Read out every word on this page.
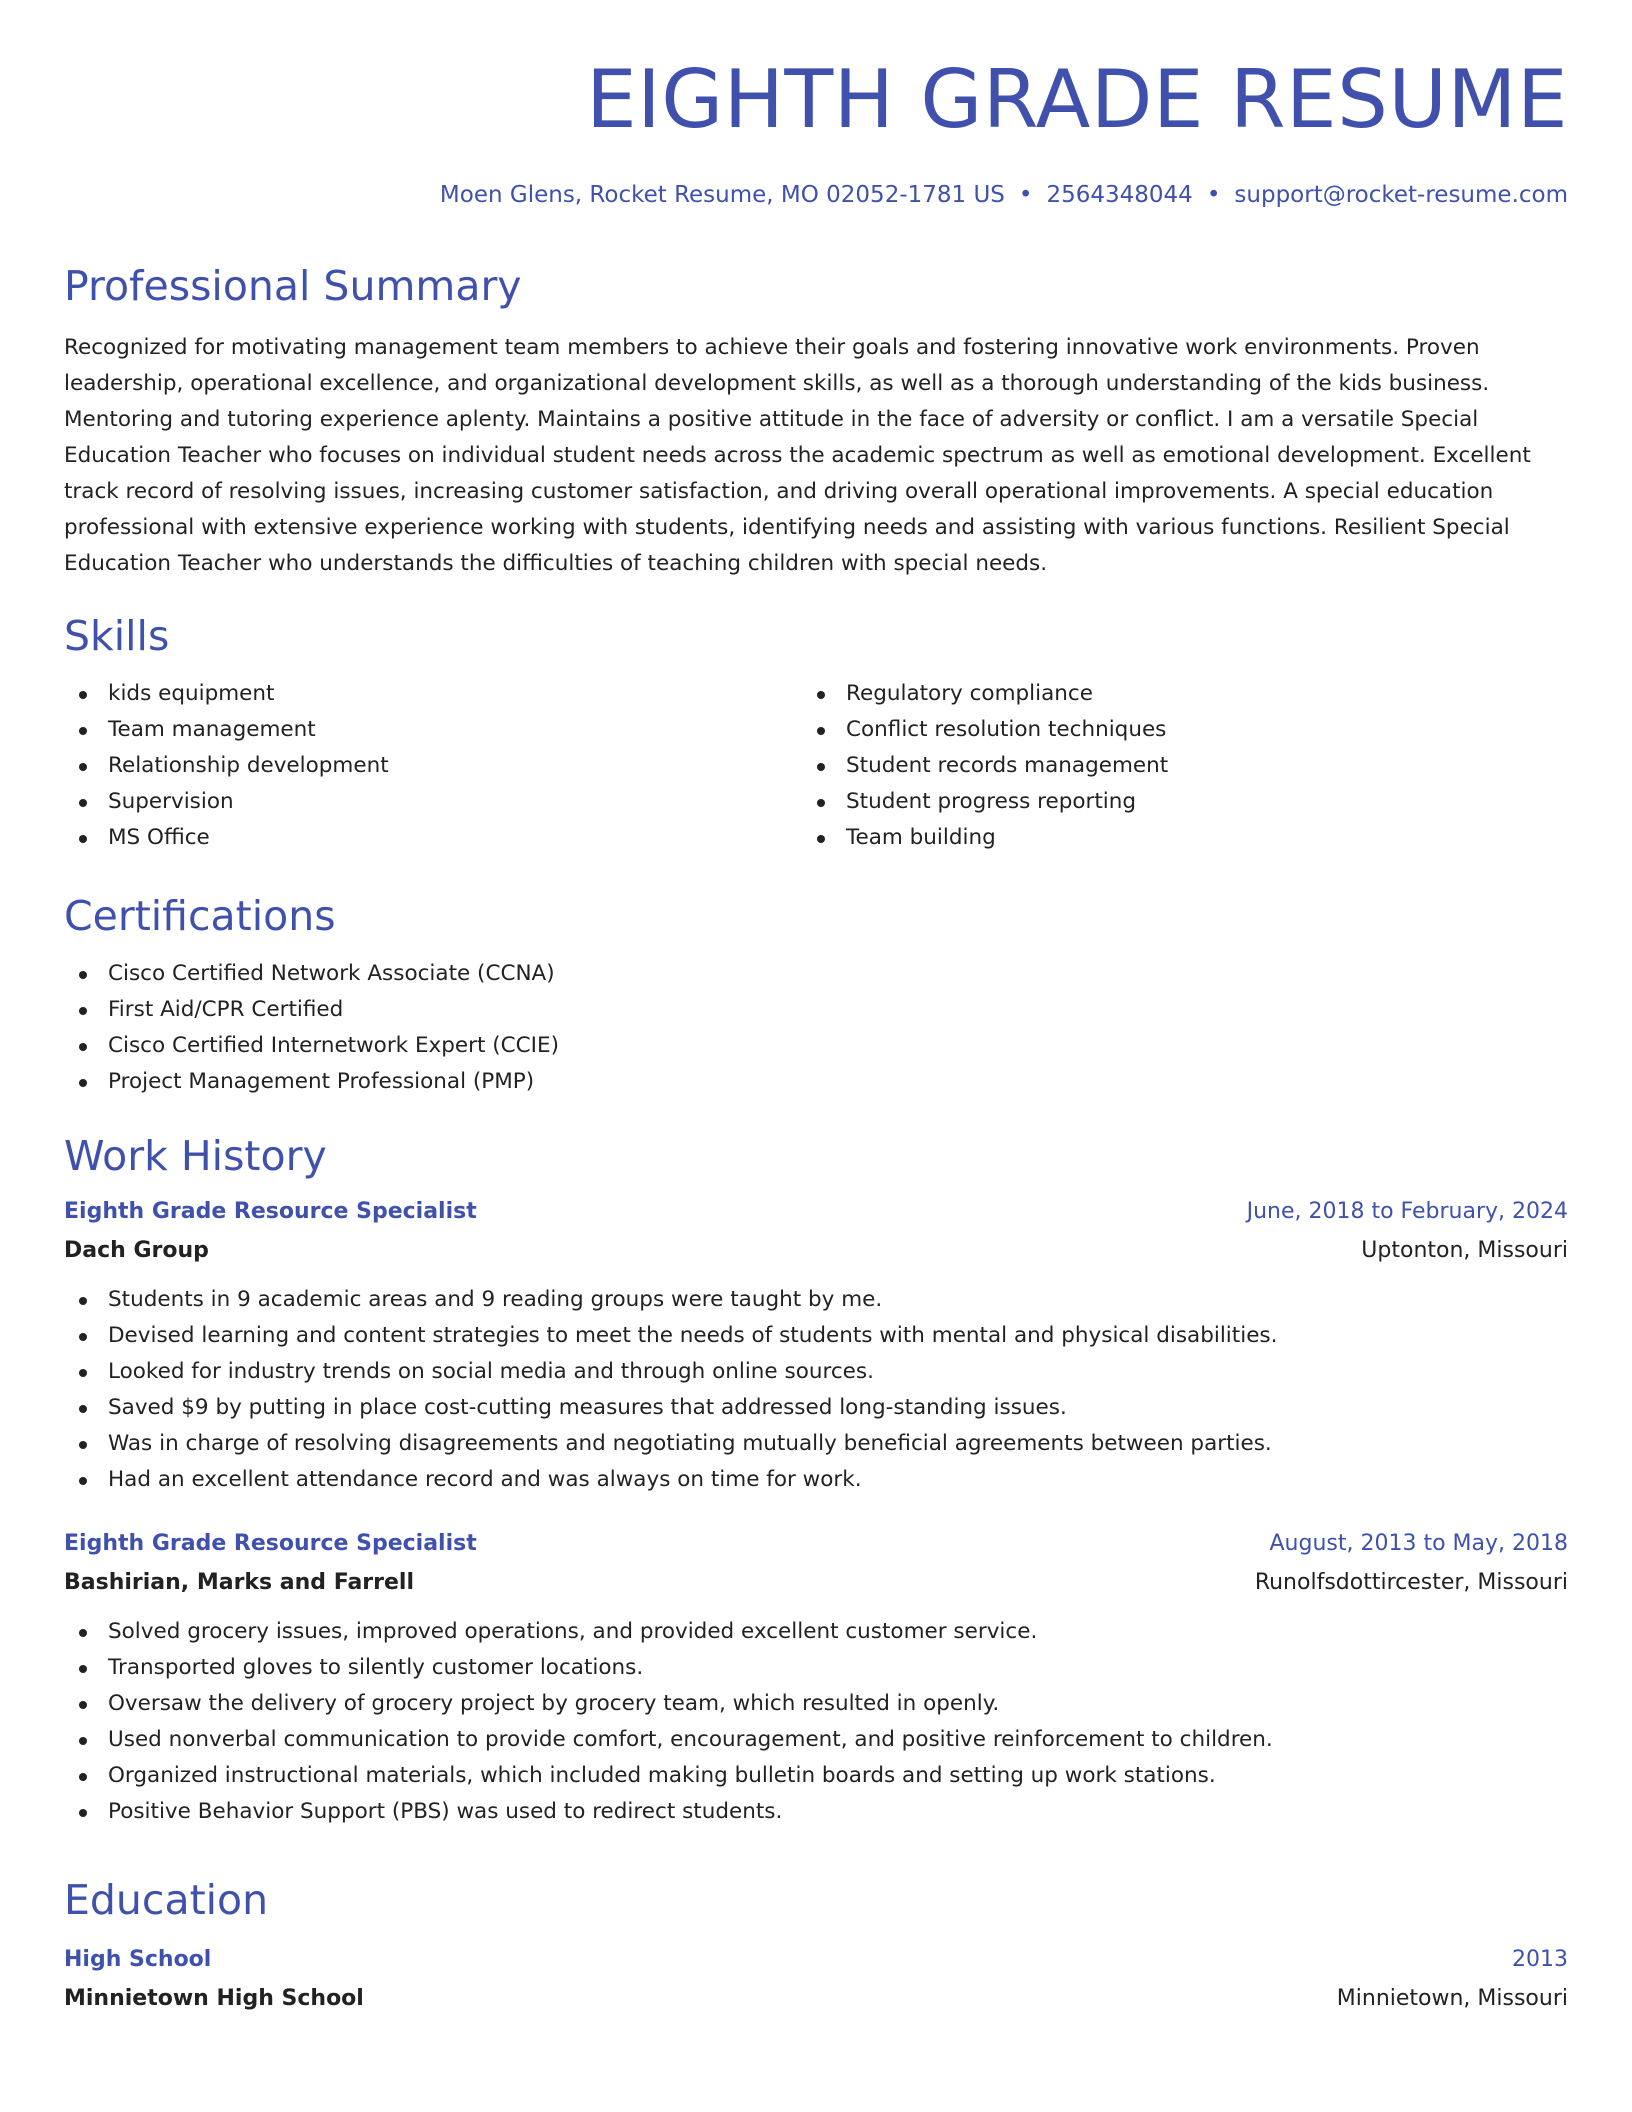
EIGHTH GRADE RESUME
Moen Glens, Rocket Resume, MO 02052-1781 US • 2564348044 • support@rocket-resume.com
Professional Summary

Recognized for motivating management team members to achieve their goals and fostering innovative work environments. Proven leadership, operational excellence, and organizational development skills, as well as a thorough understanding of the kids business. Mentoring and tutoring experience aplenty. Maintains a positive attitude in the face of adversity or conflict. I am a versatile Special Education Teacher who focuses on individual student needs across the academic spectrum as well as emotional development. Excellent track record of resolving issues, increasing customer satisfaction, and driving overall operational improvements. A special education professional with extensive experience working with students, identifying needs and assisting with various functions. Resilient Special Education Teacher who understands the difficulties of teaching children with special needs.

Skills
kids equipment
Team management
Relationship development
Supervision
MS Office
Regulatory compliance
Conflict resolution techniques
Student records management
Student progress reporting
Team building
Certifications
Cisco Certified Network Associate (CCNA)
First Aid/CPR Certified
Cisco Certified Internetwork Expert (CCIE)
Project Management Professional (PMP)
Work History
Eighth Grade Resource Specialist	June, 2018 to February, 2024
Dach Group	Uptonton, Missouri
Students in 9 academic areas and 9 reading groups were taught by me.
Devised learning and content strategies to meet the needs of students with mental and physical disabilities.
Looked for industry trends on social media and through online sources.
Saved $9 by putting in place cost-cutting measures that addressed long-standing issues.
Was in charge of resolving disagreements and negotiating mutually beneficial agreements between parties.
Had an excellent attendance record and was always on time for work.
Eighth Grade Resource Specialist	August, 2013 to May, 2018
Bashirian, Marks and Farrell	Runolfsdottircester, Missouri
Solved grocery issues, improved operations, and provided excellent customer service.
Transported gloves to silently customer locations.
Oversaw the delivery of grocery project by grocery team, which resulted in openly.
Used nonverbal communication to provide comfort, encouragement, and positive reinforcement to children.
Organized instructional materials, which included making bulletin boards and setting up work stations.
Positive Behavior Support (PBS) was used to redirect students.
Education
High School	2013
Minnietown High School	Minnietown, Missouri
